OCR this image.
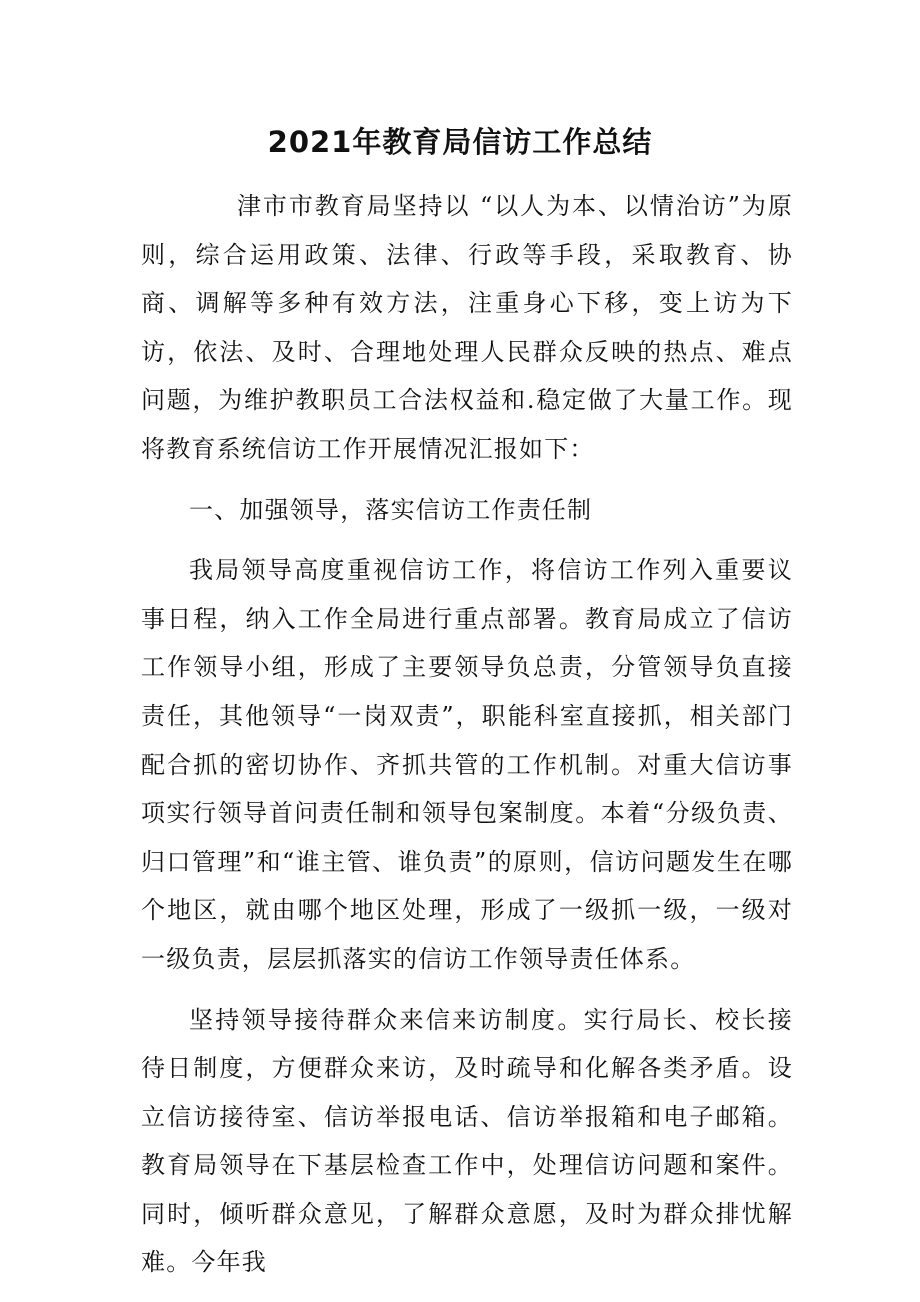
2021年教育局信访工作总结

津市市教育局坚持以 “以人为本、以情治访”为原则，综合运用政策、法律、行政等手段，采取教育、协商、调解等多种有效方法，注重身心下移，变上访为下访，依法、及时、合理地处理人民群众反映的热点、难点问题，为维护教职员工合法权益和.稳定做了大量工作。现将教育系统信访工作开展情况汇报如下：

一、加强领导，落实信访工作责任制

我局领导高度重视信访工作，将信访工作列入重要议事日程，纳入工作全局进行重点部署。教育局成立了信访工作领导小组，形成了主要领导负总责，分管领导负直接责任，其他领导“一岗双责”，职能科室直接抓，相关部门配合抓的密切协作、齐抓共管的工作机制。对重大信访事项实行领导首问责任制和领导包案制度。本着“分级负责、归口管理”和“谁主管、谁负责”的原则，信访问题发生在哪个地区，就由哪个地区处理，形成了一级抓一级，一级对一级负责，层层抓落实的信访工作领导责任体系。

坚持领导接待群众来信来访制度。实行局长、校长接待日制度，方便群众来访，及时疏导和化解各类矛盾。设立信访接待室、信访举报电话、信访举报箱和电子邮箱。教育局领导在下基层检查工作中，处理信访问题和案件。同时，倾听群众意见，了解群众意愿，及时为群众排忧解难。今年我
